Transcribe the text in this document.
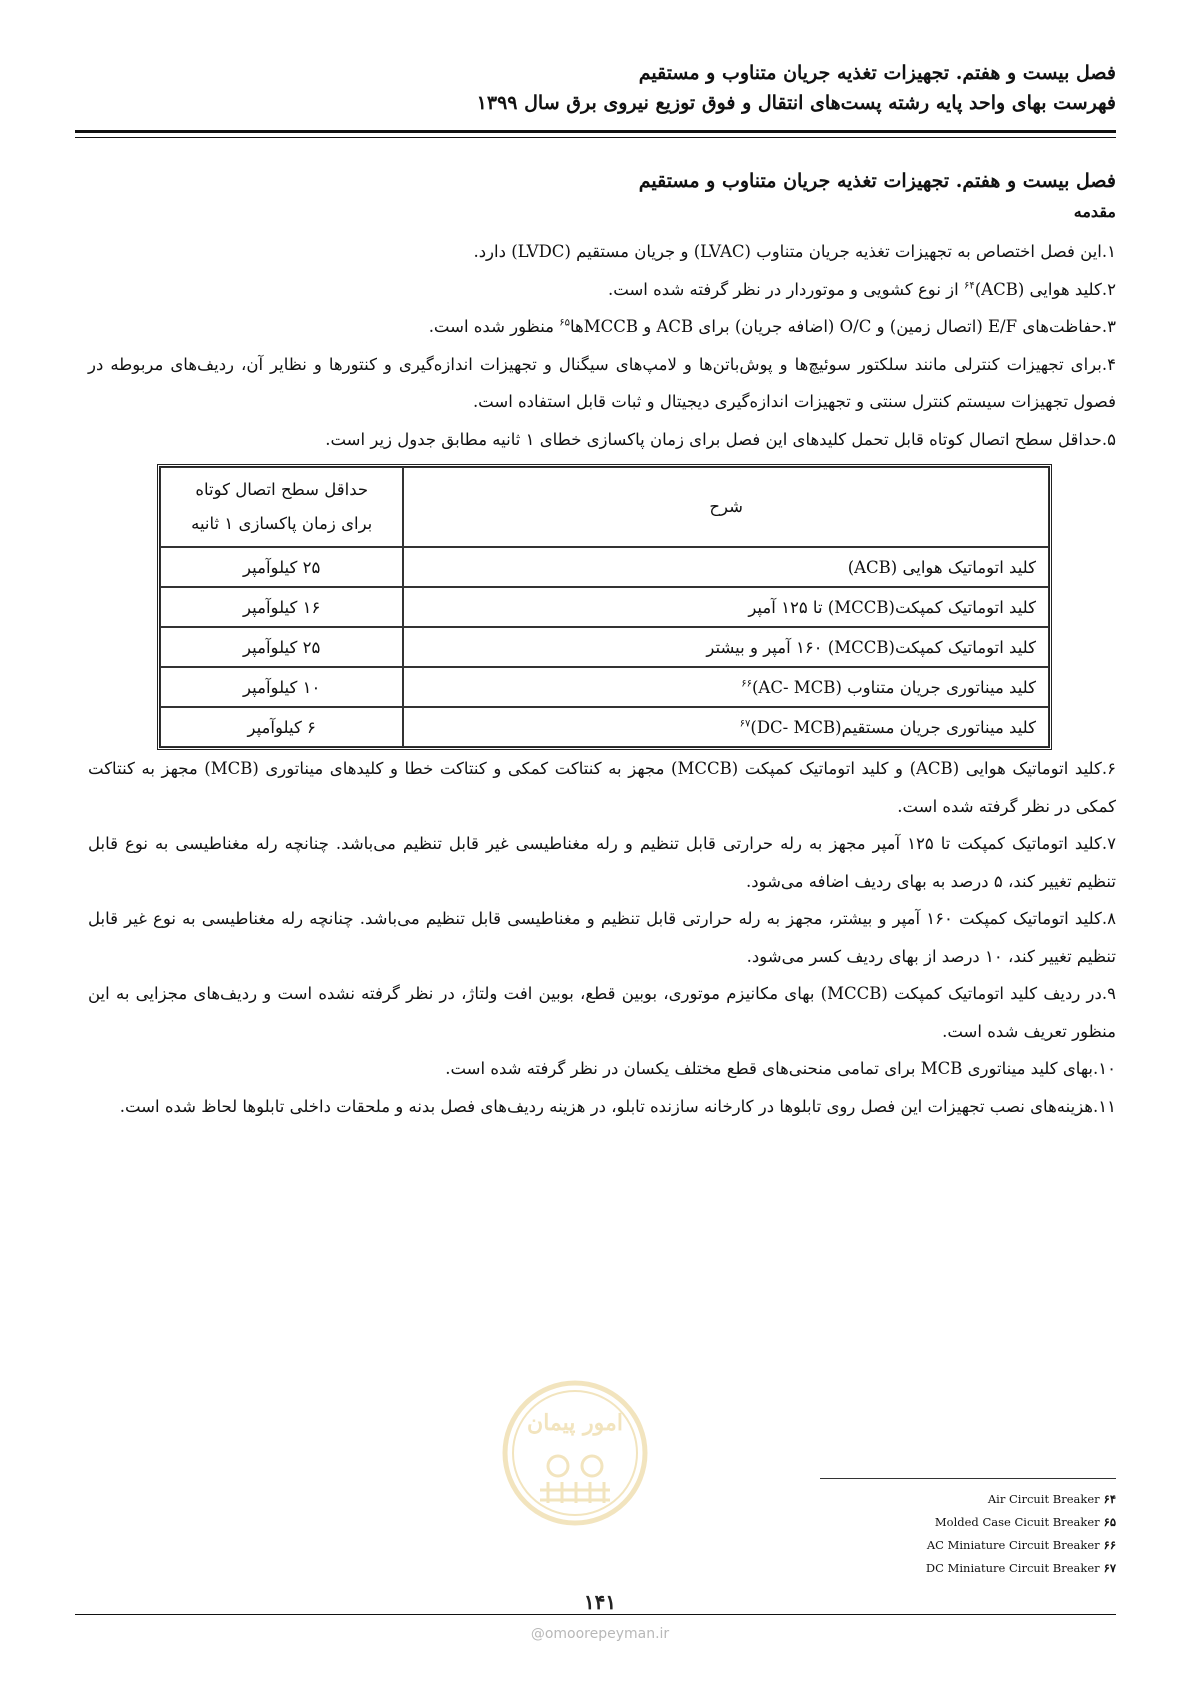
فصل بیست و هفتم. تجهیزات تغذیه جریان متناوب و مستقیم
فهرست بهای واحد پایه رشته پست‌های انتقال و فوق توزیع نیروی برق سال ۱۳۹۹
فصل بیست و هفتم. تجهیزات تغذیه جریان متناوب و مستقیم
مقدمه
۱.این فصل اختصاص به تجهیزات تغذیه جریان متناوب (LVAC) و جریان مستقیم (LVDC) دارد.
۲.کلید هوایی (ACB)$^{۶۴}$ از نوع کشویی و موتوردار در نظر گرفته شده است.
۳.حفاظت‌های E/F (اتصال زمین) و O/C (اضافه جریان) برای ACB و MCCBها$^{۶۵}$ منظور شده است.
۴.برای تجهیزات کنترلی مانند سلکتور سوئیچ‌ها و پوش‌باتن‌ها و لامپ‌های سیگنال و تجهیزات اندازه‌گیری و کنتورها و نظایر آن، ردیف‌های مربوطه در فصول تجهیزات سیستم کنترل سنتی و تجهیزات اندازه‌گیری دیجیتال و ثبات قابل استفاده است.
۵.حداقل سطح اتصال کوتاه قابل تحمل کلیدهای این فصل برای زمان پاکسازی خطای ۱ ثانیه مطابق جدول زیر است.
شرح	حداقل سطح اتصال کوتاه
برای زمان پاکسازی ۱ ثانیه

کلید اتوماتیک هوایی (ACB)	۲۵ کیلوآمپر
کلید اتوماتیک کمپکت(MCCB) تا ۱۲۵ آمپر	۱۶ کیلوآمپر
کلید اتوماتیک کمپکت(MCCB) ۱۶۰ آمپر و بیشتر	۲۵ کیلوآمپر
کلید میناتوری جریان متناوب (AC- MCB)$^{۶۶}$	۱۰ کیلوآمپر
کلید میناتوری جریان مستقیم(DC- MCB)$^{۶۷}$	۶ کیلوآمپر
۶.کلید اتوماتیک هوایی (ACB) و کلید اتوماتیک کمپکت (MCCB) مجهز به کنتاکت کمکی و کنتاکت خطا و کلیدهای میناتوری (MCB) مجهز به کنتاکت کمکی در نظر گرفته شده است.
۷.کلید اتوماتیک کمپکت تا ۱۲۵ آمپر مجهز به رله حرارتی قابل تنظیم و رله مغناطیسی غیر قابل تنظیم می‌باشد. چنانچه رله مغناطیسی به نوع قابل تنظیم تغییر کند، ۵ درصد به بهای ردیف اضافه می‌شود.
۸.کلید اتوماتیک کمپکت ۱۶۰ آمپر و بیشتر، مجهز به رله حرارتی قابل تنظیم و مغناطیسی قابل تنظیم می‌باشد. چنانچه رله مغناطیسی به نوع غیر قابل تنظیم تغییر کند، ۱۰ درصد از بهای ردیف کسر می‌شود.
۹.در ردیف کلید اتوماتیک کمپکت (MCCB) بهای مکانیزم موتوری، بوبین قطع، بوبین افت ولتاژ، در نظر گرفته نشده است و ردیف‌های مجزایی به این منظور تعریف شده است.
۱۰.بهای کلید میناتوری MCB برای تمامی منحنی‌های قطع مختلف یکسان در نظر گرفته شده است.
۱۱.هزینه‌های نصب تجهیزات این فصل روی تابلوها در کارخانه سازنده تابلو، در هزینه ردیف‌های فصل بدنه و ملحقات داخلی تابلوها لحاظ شده است.
امور پیمان
Air Circuit Breaker ۶۴
Molded Case Cicuit Breaker ۶۵
AC Miniature Circuit Breaker ۶۶
DC Miniature Circuit Breaker ۶۷
۱۴۱
@omoorepeyman.ir
